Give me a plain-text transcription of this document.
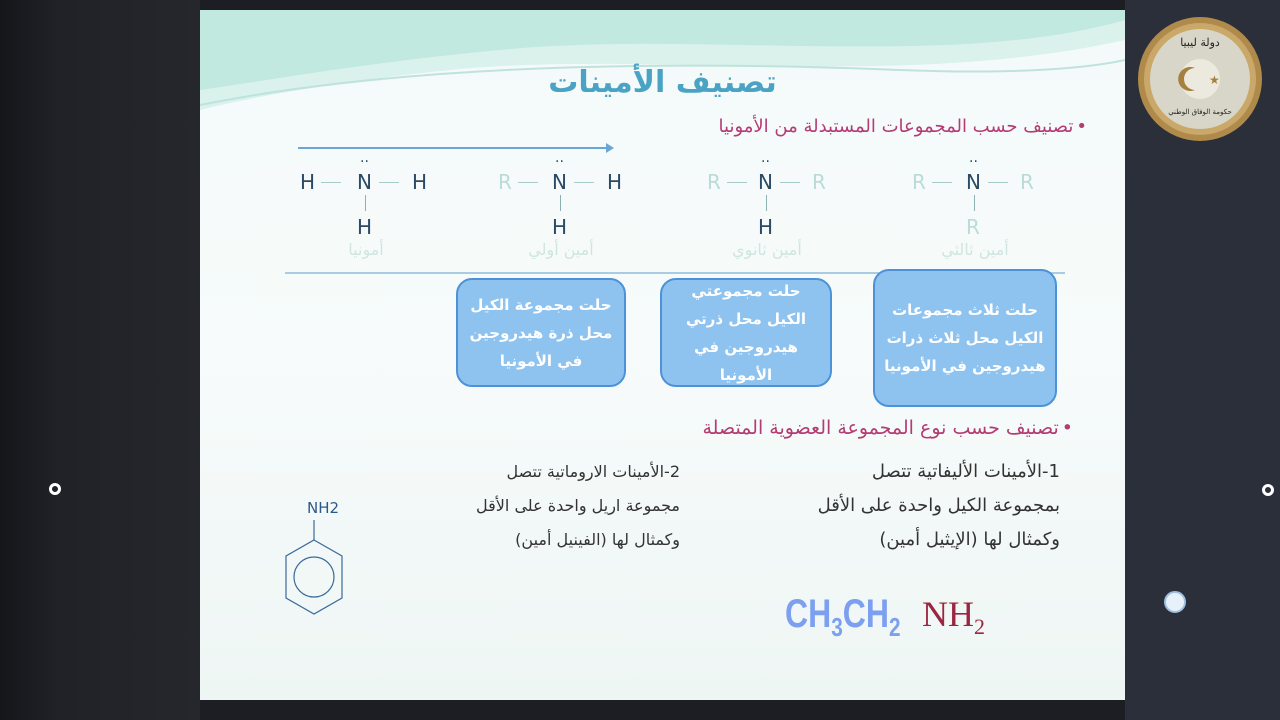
تصنيف الأمينات
• تصنيف حسب المجموعات المستبدلة من الأمونيا
H N
··
H
H
R N
··
H
H
R N
··
R
H
R N
··
R
R
أمونيا	أمين أولي	أمين ثانوي	أمين ثالثي
حلت مجموعة الكيل محل ذرة هيدروجين في الأمونيا
حلت مجموعتي الكيل محل ذرتي هيدروجين في الأمونيا
حلت ثلاث مجموعات الكيل محل ثلاث ذرات هيدروجين في الأمونيا
• تصنيف حسب نوع المجموعة العضوية المتصلة
1-الأمينات الأليفاتية تتصل
بمجموعة الكيل واحدة على الأقل
وكمثال لها (الإيثيل أمين)
2-الأمينات الاروماتية تتصل
مجموعة اريل واحدة على الأقل
وكمثال لها (الفينيل أمين)
NH2
$CH_3CH_2$ $NH_2$
★
دولة ليبيا
حكومة الوفاق الوطني
